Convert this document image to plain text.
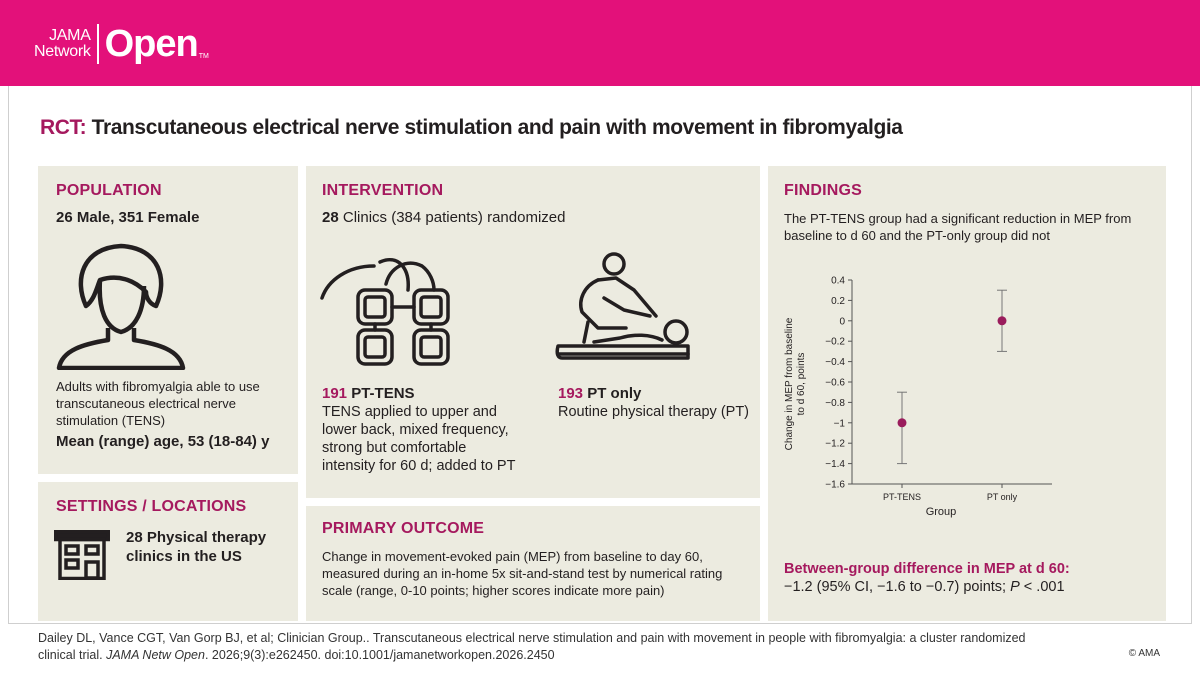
JAMA
Network Open TM
RCT: Transcutaneous electrical nerve stimulation and pain with movement in fibromyalgia
POPULATION
26 Male, 351 Female
Adults with fibromyalgia able to use transcutaneous electrical nerve stimulation (TENS)
Mean (range) age, 53 (18-84) y
SETTINGS / LOCATIONS
28 Physical therapy clinics in the US
INTERVENTION
28 Clinics (384 patients) randomized
191 PT-TENS
TENS applied to upper and lower back, mixed frequency, strong but comfortable intensity for 60 d; added to PT
193 PT only
Routine physical therapy (PT)
PRIMARY OUTCOME
Change in movement-evoked pain (MEP) from baseline to day 60, measured during an in-home 5x sit-and-stand test by numerical rating scale (range, 0-10 points; higher scores indicate more pain)
FINDINGS
The PT-TENS group had a significant reduction in MEP from baseline to d 60 and the PT-only group did not
Change in MEP from baseline to d 60, points
0.4
0.2
0
−0.2
−0.4
−0.6
−0.8
−1
−1.2
−1.4
−1.6
PT-TENS	PT only
Group
Between-group difference in MEP at d 60:
−1.2 (95% CI, −1.6 to −0.7) points; P < .001
Dailey DL, Vance CGT, Van Gorp BJ, et al; Clinician Group.. Transcutaneous electrical nerve stimulation and pain with movement in people with fibromyalgia: a cluster randomized clinical trial. JAMA Netw Open. 2026;9(3):e262450. doi:10.1001/jamanetworkopen.2026.2450	© AMA
